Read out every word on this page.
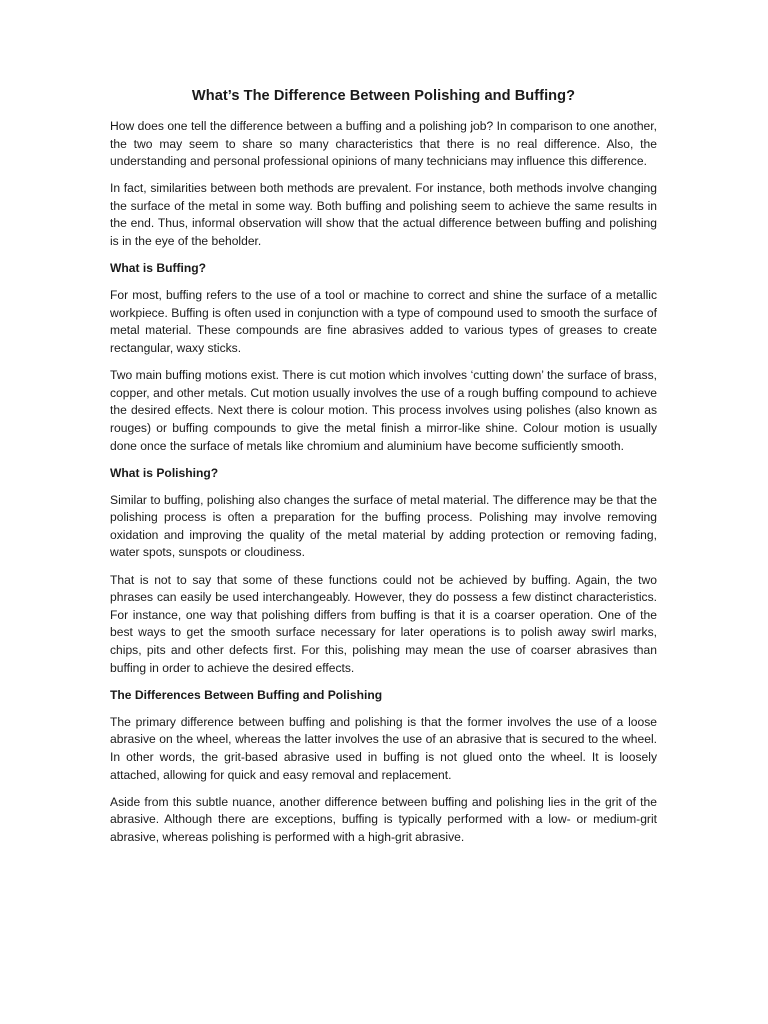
What’s The Difference Between Polishing and Buffing?
How does one tell the difference between a buffing and a polishing job? In comparison to one another, the two may seem to share so many characteristics that there is no real difference. Also, the understanding and personal professional opinions of many technicians may influence this difference.
In fact, similarities between both methods are prevalent. For instance, both methods involve changing the surface of the metal in some way. Both buffing and polishing seem to achieve the same results in the end. Thus, informal observation will show that the actual difference between buffing and polishing is in the eye of the beholder.
What is Buffing?
For most, buffing refers to the use of a tool or machine to correct and shine the surface of a metallic workpiece. Buffing is often used in conjunction with a type of compound used to smooth the surface of metal material. These compounds are fine abrasives added to various types of greases to create rectangular, waxy sticks.
Two main buffing motions exist. There is cut motion which involves ‘cutting down’ the surface of brass, copper, and other metals. Cut motion usually involves the use of a rough buffing compound to achieve the desired effects. Next there is colour motion. This process involves using polishes (also known as rouges) or buffing compounds to give the metal finish a mirror-like shine. Colour motion is usually done once the surface of metals like chromium and aluminium have become sufficiently smooth.
What is Polishing?
Similar to buffing, polishing also changes the surface of metal material. The difference may be that the polishing process is often a preparation for the buffing process. Polishing may involve removing oxidation and improving the quality of the metal material by adding protection or removing fading, water spots, sunspots or cloudiness.
That is not to say that some of these functions could not be achieved by buffing. Again, the two phrases can easily be used interchangeably. However, they do possess a few distinct characteristics. For instance, one way that polishing differs from buffing is that it is a coarser operation. One of the best ways to get the smooth surface necessary for later operations is to polish away swirl marks, chips, pits and other defects first. For this, polishing may mean the use of coarser abrasives than buffing in order to achieve the desired effects.
The Differences Between Buffing and Polishing
The primary difference between buffing and polishing is that the former involves the use of a loose abrasive on the wheel, whereas the latter involves the use of an abrasive that is secured to the wheel. In other words, the grit-based abrasive used in buffing is not glued onto the wheel. It is loosely attached, allowing for quick and easy removal and replacement.
Aside from this subtle nuance, another difference between buffing and polishing lies in the grit of the abrasive. Although there are exceptions, buffing is typically performed with a low- or medium-grit abrasive, whereas polishing is performed with a high-grit abrasive.
